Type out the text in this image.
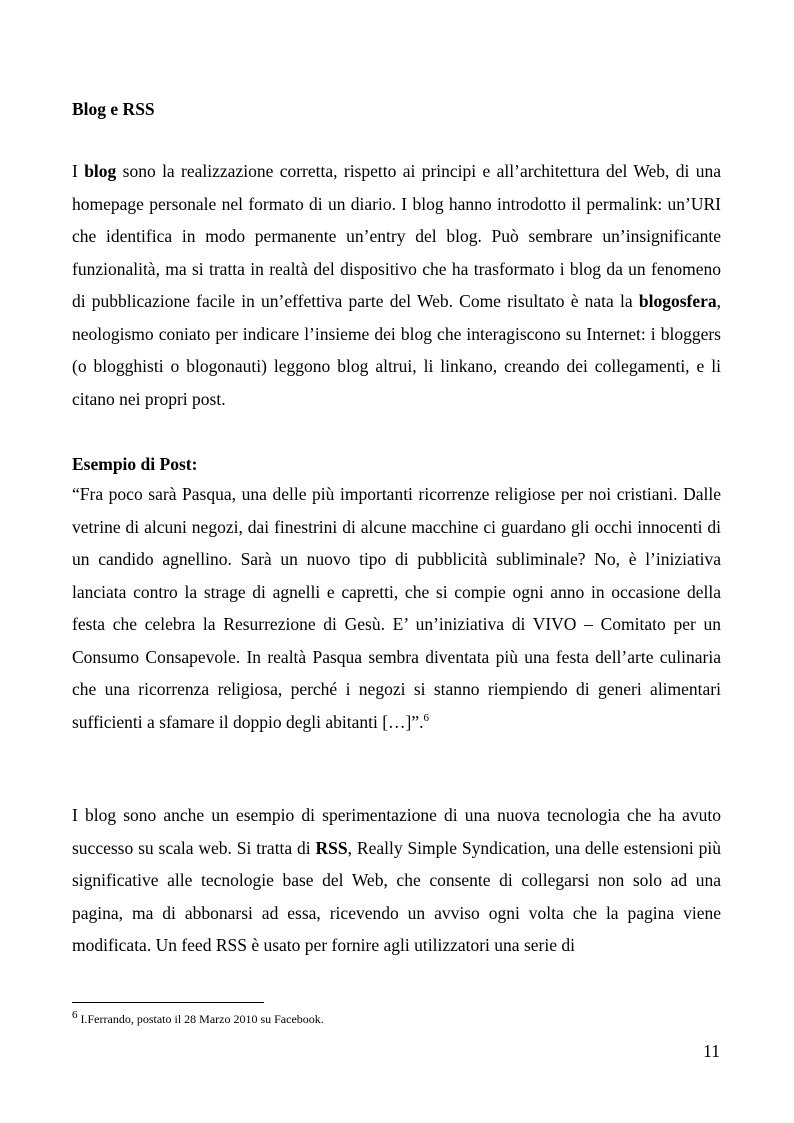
Blog e RSS

I blog sono la realizzazione corretta, rispetto ai principi e all’architettura del Web, di una homepage personale nel formato di un diario. I blog hanno introdotto il permalink: un’URI che identifica in modo permanente un’entry del blog. Può sembrare un’insignificante funzionalità, ma si tratta in realtà del dispositivo che ha trasformato i blog da un fenomeno di pubblicazione facile in un’effettiva parte del Web. Come risultato è nata la blogosfera, neologismo coniato per indicare l’insieme dei blog che interagiscono su Internet: i bloggers (o blogghisti o blogonauti) leggono blog altrui, li linkano, creando dei collegamenti, e li citano nei propri post.

Esempio di Post:

“Fra poco sarà Pasqua, una delle più importanti ricorrenze religiose per noi cristiani. Dalle vetrine di alcuni negozi, dai finestrini di alcune macchine ci guardano gli occhi innocenti di un candido agnellino. Sarà un nuovo tipo di pubblicità subliminale? No, è l’iniziativa lanciata contro la strage di agnelli e capretti, che si compie ogni anno in occasione della festa che celebra la Resurrezione di Gesù. E’ un’iniziativa di VIVO – Comitato per un Consumo Consapevole. In realtà Pasqua sembra diventata più una festa dell’arte culinaria che una ricorrenza religiosa, perché i negozi si stanno riempiendo di generi alimentari sufficienti a sfamare il doppio degli abitanti […]”.$^6$

I blog sono anche un esempio di sperimentazione di una nuova tecnologia che ha avuto successo su scala web. Si tratta di RSS, Really Simple Syndication, una delle estensioni più significative alle tecnologie base del Web, che consente di collegarsi non solo ad una pagina, ma di abbonarsi ad essa, ricevendo un avviso ogni volta che la pagina viene modificata. Un feed RSS è usato per fornire agli utilizzatori una serie di

$^6$ I.Ferrando, postato il 28 Marzo 2010 su Facebook.
11
